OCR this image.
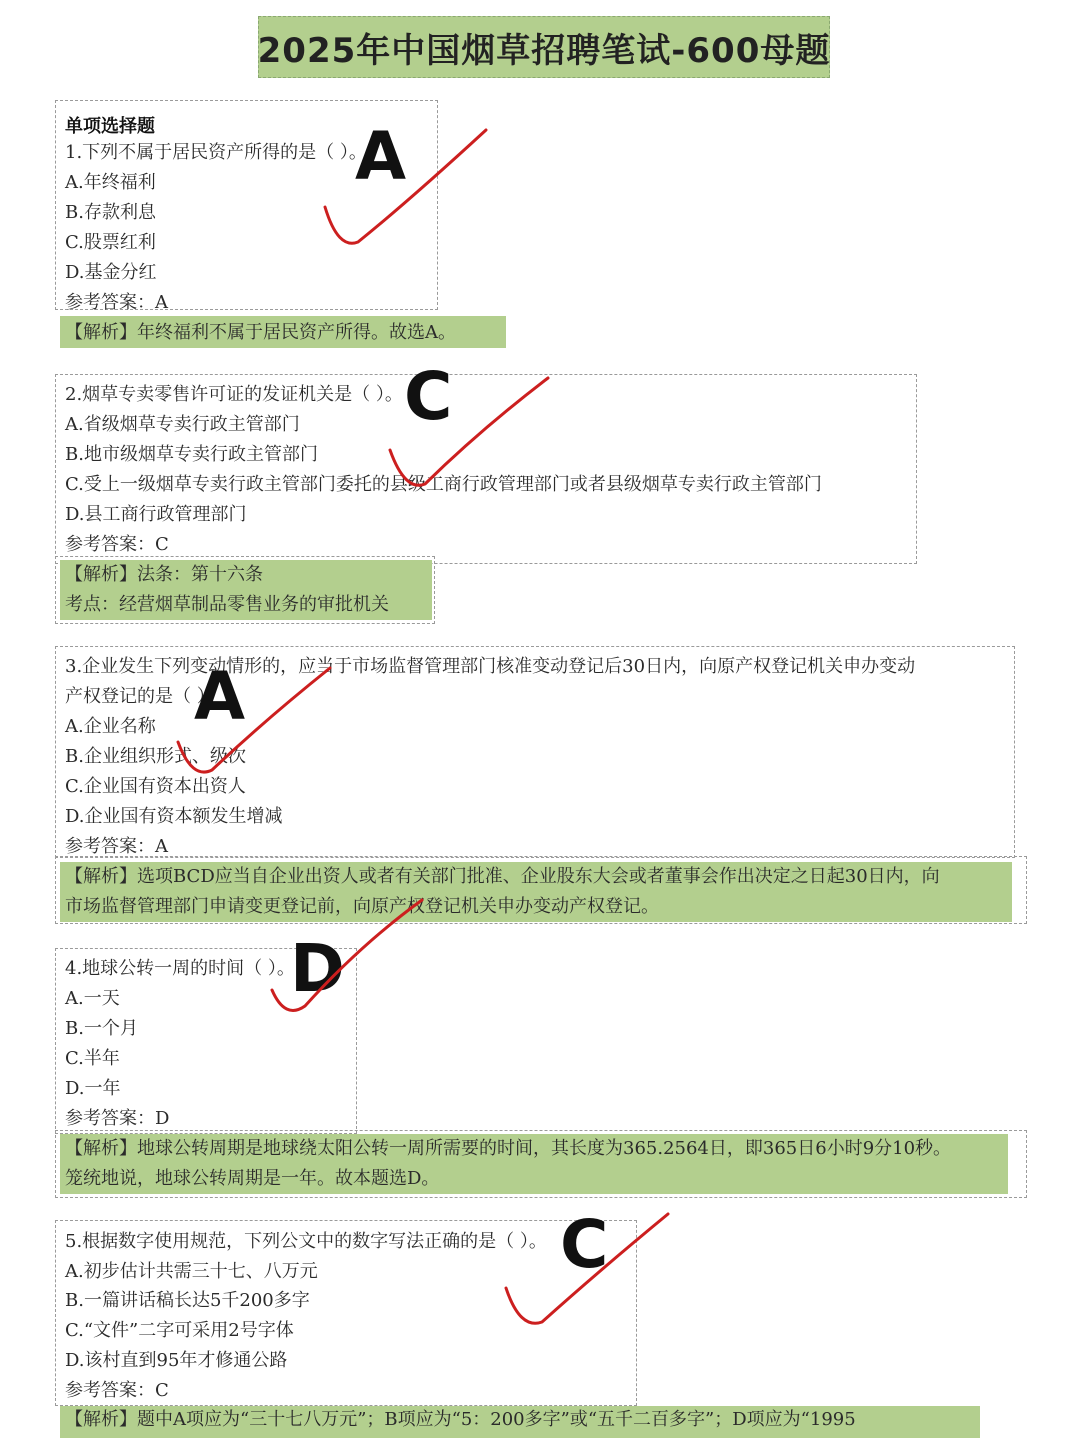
2025年中国烟草招聘笔试-600母题
单项选择题
1.下列不属于居民资产所得的是（ ）。
A.年终福利
B.存款利息
C.股票红利
D.基金分红
参考答案：A
【解析】年终福利不属于居民资产所得。故选A。
2.烟草专卖零售许可证的发证机关是（ ）。
A.省级烟草专卖行政主管部门
B.地市级烟草专卖行政主管部门
C.受上一级烟草专卖行政主管部门委托的县级工商行政管理部门或者县级烟草专卖行政主管部门
D.县工商行政管理部门
参考答案：C
【解析】法条：第十六条
考点：经营烟草制品零售业务的审批机关
3.企业发生下列变动情形的，应当于市场监督管理部门核准变动登记后30日内，向原产权登记机关申办变动
产权登记的是（ ）。
A.企业名称
B.企业组织形式、级次
C.企业国有资本出资人
D.企业国有资本额发生增减
参考答案：A
【解析】选项BCD应当自企业出资人或者有关部门批准、企业股东大会或者董事会作出决定之日起30日内，向
市场监督管理部门申请变更登记前，向原产权登记机关申办变动产权登记。
4.地球公转一周的时间（ ）。
A.一天
B.一个月
C.半年
D.一年
参考答案：D
【解析】地球公转周期是地球绕太阳公转一周所需要的时间，其长度为365.2564日，即365日6小时9分10秒。
笼统地说，地球公转周期是一年。故本题选D。
5.根据数字使用规范，下列公文中的数字写法正确的是（ ）。
A.初步估计共需三十七、八万元
B.一篇讲话稿长达5千200多字
C.“文件”二字可采用2号字体
D.该村直到95年才修通公路
参考答案：C
【解析】题中A项应为“三十七八万元”；B项应为“5：200多字”或“五千二百多字”；D项应为“1995
A
C
A
D
C
